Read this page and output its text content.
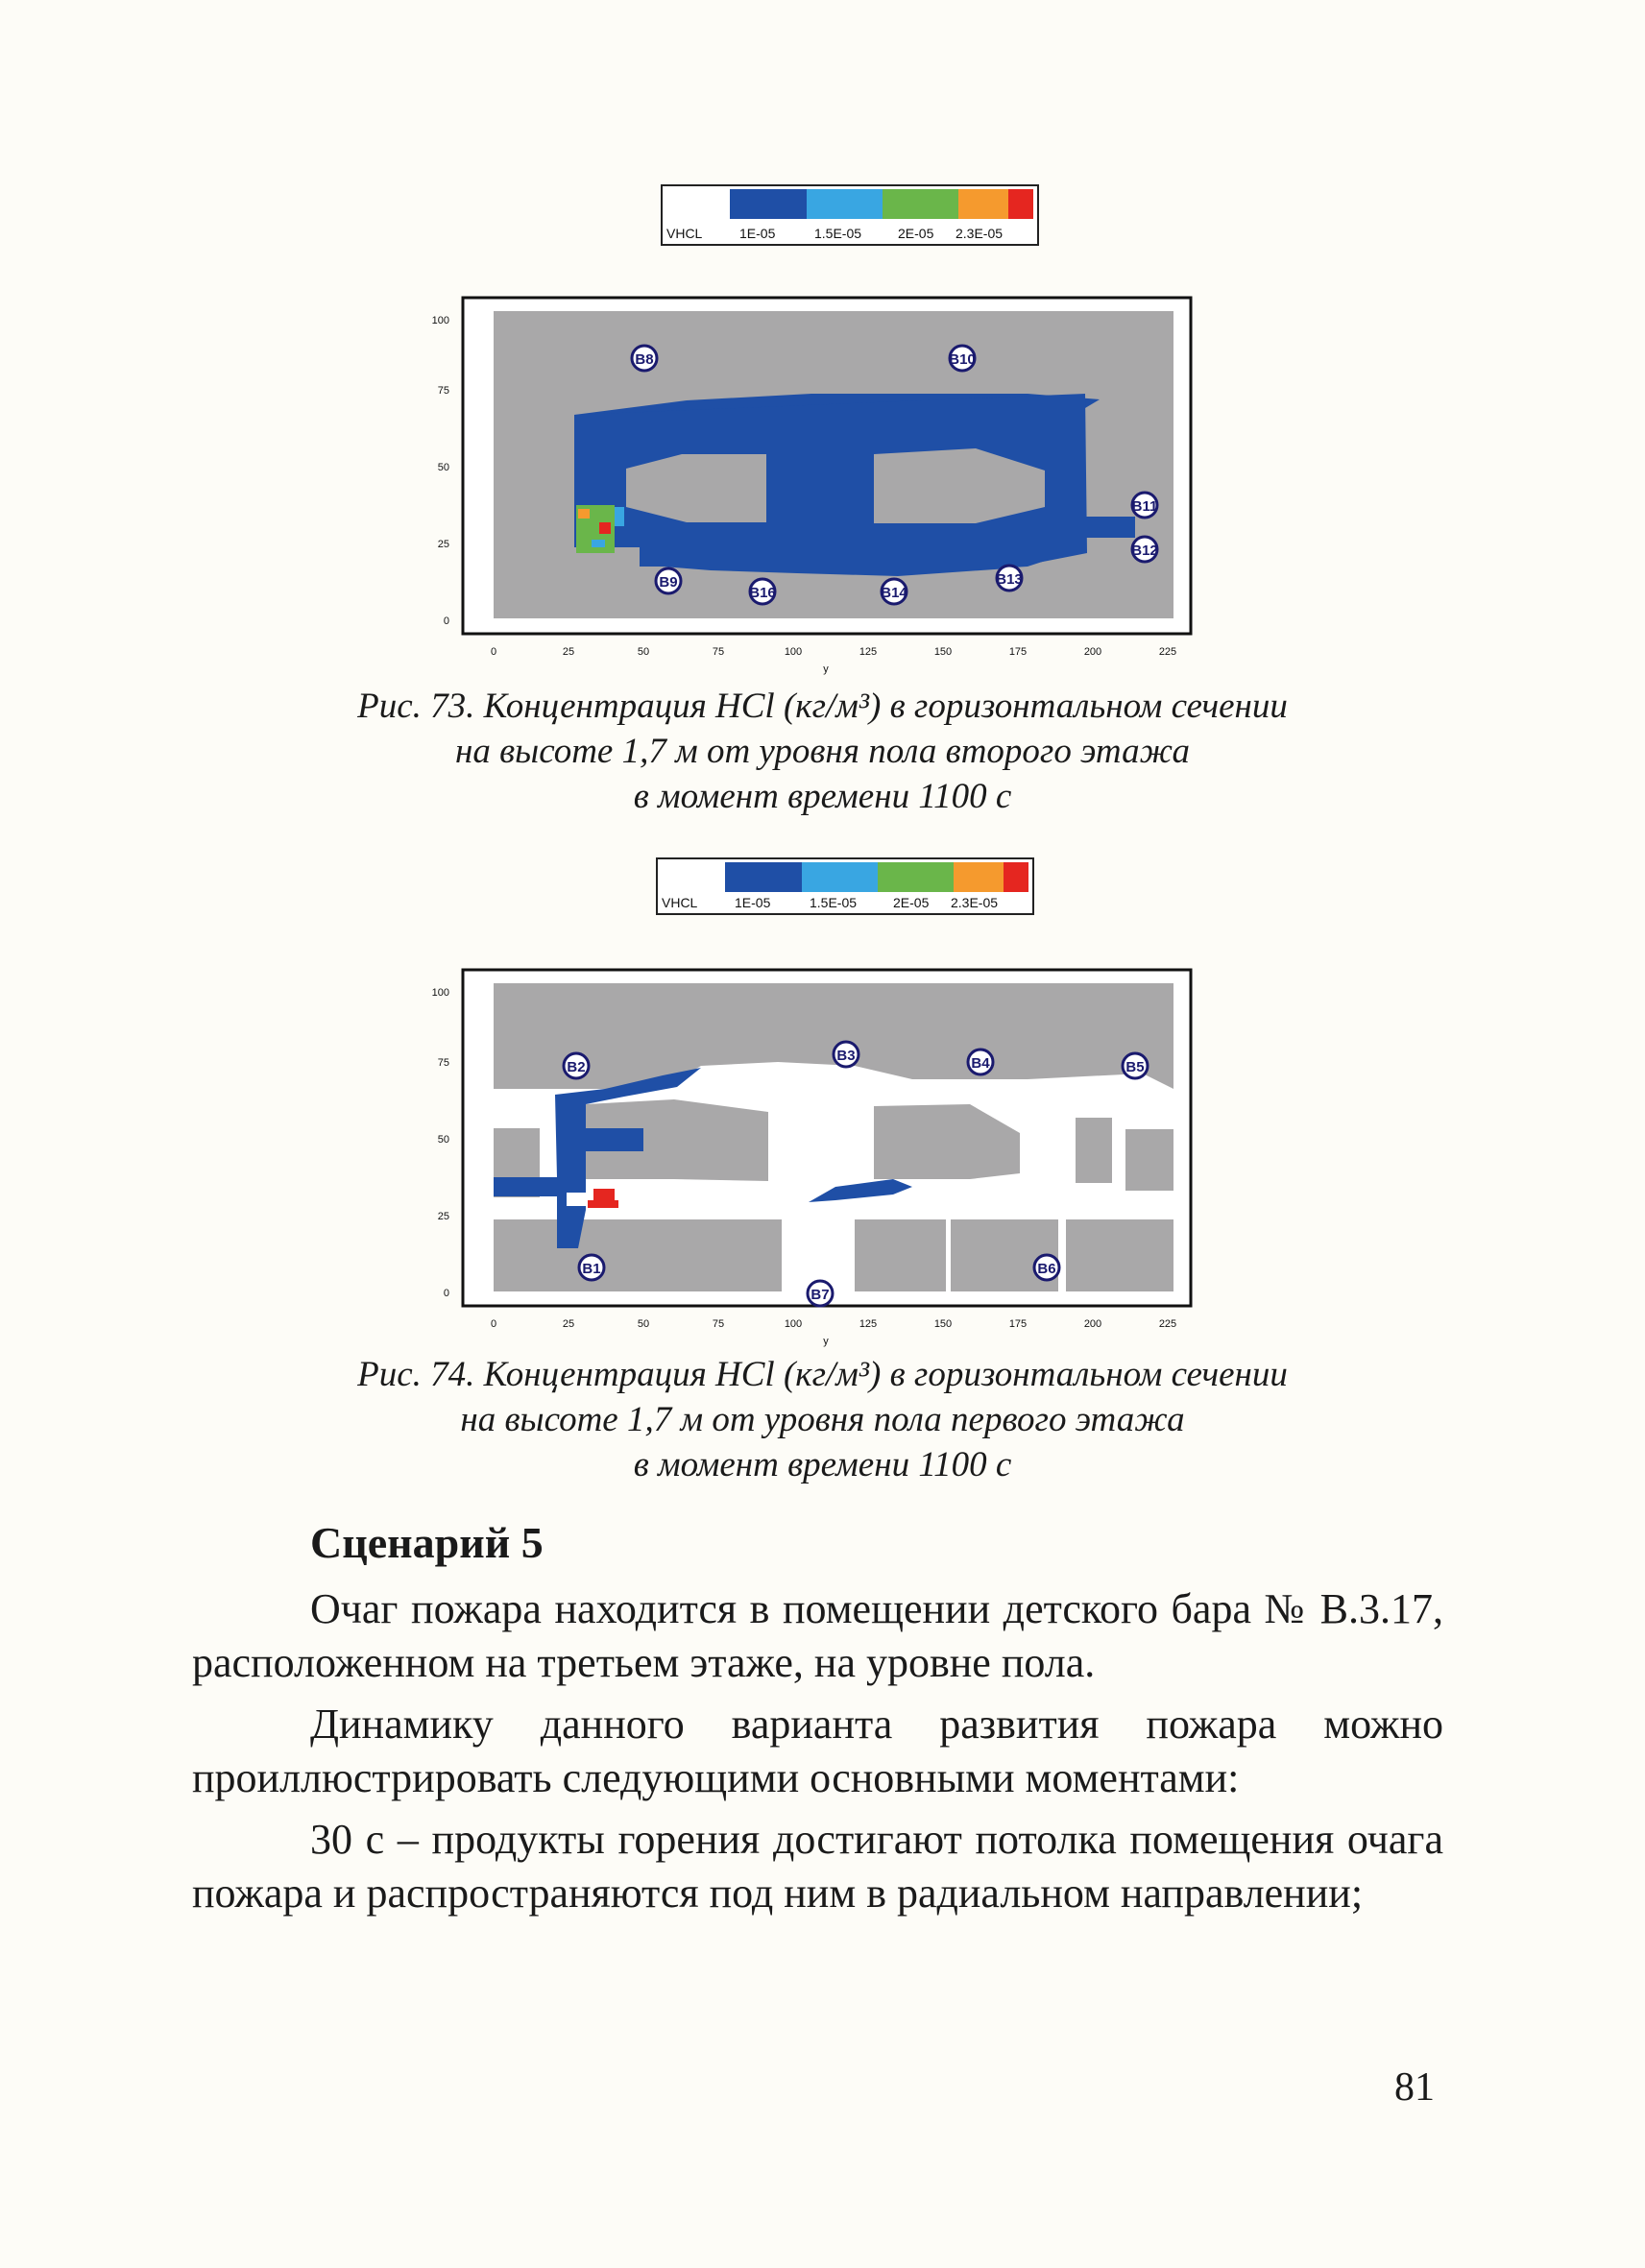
VHCL	1E-05	1.5E-05	2E-05 2.3E-05
B8	B10
B11
B12
B9
B16	B14
B13
100
75
50
25
0
0	25	50	75	100	125	150	175	200	225
y
Рис. 73. Концентрация HCl (кг/м³) в горизонтальном сечении
на высоте 1,7 м от уровня пола второго этажа
в момент времени 1100 с
VHCL	1E-05	1.5E-05	2E-05 2.3E-05
B2
B3	B4	B5
B1
B7
B6
100
75
50
25
0
0	25	50	75	100	125	150	175	200	225
y
Рис. 74. Концентрация HCl (кг/м³) в горизонтальном сечении
на высоте 1,7 м от уровня пола первого этажа
в момент времени 1100 с
Сценарий 5
Очаг пожара находится в помещении детского бара № B.3.17, расположенном на третьем этаже, на уровне пола.
Динамику данного варианта развития пожара можно проиллюстрировать следующими основными моментами:
30 с – продукты горения достигают потолка помещения очага пожара и распространяются под ним в радиальном направлении;
81
